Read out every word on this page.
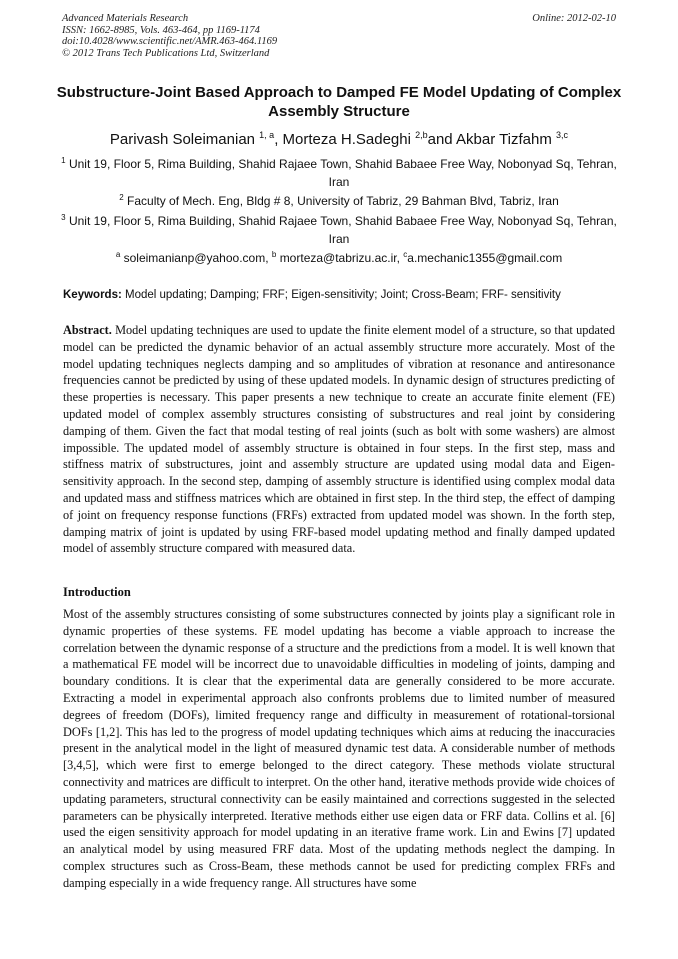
Advanced Materials Research
ISSN: 1662-8985, Vols. 463-464, pp 1169-1174
doi:10.4028/www.scientific.net/AMR.463-464.1169
© 2012 Trans Tech Publications Ltd, Switzerland
Online: 2012-02-10
Substructure-Joint Based Approach to Damped FE Model Updating of Complex Assembly Structure
Parivash Soleimanian $^{1, a}$, Morteza H.Sadeghi $^{2,b}$and Akbar Tizfahm $^{3,c}$
$^1$ Unit 19, Floor 5, Rima Building, Shahid Rajaee Town, Shahid Babaee Free Way, Nobonyad Sq, Tehran, Iran
$^2$ Faculty of Mech. Eng, Bldg # 8, University of Tabriz, 29 Bahman Blvd, Tabriz, Iran
$^3$ Unit 19, Floor 5, Rima Building, Shahid Rajaee Town, Shahid Babaee Free Way, Nobonyad Sq, Tehran, Iran
$^a$ soleimanianp@yahoo.com, $^b$ morteza@tabrizu.ac.ir, $^c$a.mechanic1355@gmail.com
Keywords: Model updating; Damping; FRF; Eigen-sensitivity; Joint; Cross-Beam; FRF- sensitivity
Abstract. Model updating techniques are used to update the finite element model of a structure, so that updated model can be predicted the dynamic behavior of an actual assembly structure more accurately. Most of the model updating techniques neglects damping and so amplitudes of vibration at resonance and antiresonance frequencies cannot be predicted by using of these updated models. In dynamic design of structures predicting of these properties is necessary. This paper presents a new technique to create an accurate finite element (FE) updated model of complex assembly structures consisting of substructures and real joint by considering damping of them. Given the fact that modal testing of real joints (such as bolt with some washers) are almost impossible. The updated model of assembly structure is obtained in four steps. In the first step, mass and stiffness matrix of substructures, joint and assembly structure are updated using modal data and Eigen-sensitivity approach. In the second step, damping of assembly structure is identified using complex modal data and updated mass and stiffness matrices which are obtained in first step. In the third step, the effect of damping of joint on frequency response functions (FRFs) extracted from updated model was shown. In the forth step, damping matrix of joint is updated by using FRF-based model updating method and finally damped updated model of assembly structure compared with measured data.
Introduction
Most of the assembly structures consisting of some substructures connected by joints play a significant role in dynamic properties of these systems. FE model updating has become a viable approach to increase the correlation between the dynamic response of a structure and the predictions from a model. It is well known that a mathematical FE model will be incorrect due to unavoidable difficulties in modeling of joints, damping and boundary conditions. It is clear that the experimental data are generally considered to be more accurate. Extracting a model in experimental approach also confronts problems due to limited number of measured degrees of freedom (DOFs), limited frequency range and difficulty in measurement of rotational-torsional DOFs [1,2]. This has led to the progress of model updating techniques which aims at reducing the inaccuracies present in the analytical model in the light of measured dynamic test data. A considerable number of methods [3,4,5], which were first to emerge belonged to the direct category. These methods violate structural connectivity and matrices are difficult to interpret. On the other hand, iterative methods provide wide choices of updating parameters, structural connectivity can be easily maintained and corrections suggested in the selected parameters can be physically interpreted. Iterative methods either use eigen data or FRF data. Collins et al. [6] used the eigen sensitivity approach for model updating in an iterative frame work. Lin and Ewins [7] updated an analytical model by using measured FRF data. Most of the updating methods neglect the damping. In complex structures such as Cross-Beam, these methods cannot be used for predicting complex FRFs and damping especially in a wide frequency range. All structures have some
